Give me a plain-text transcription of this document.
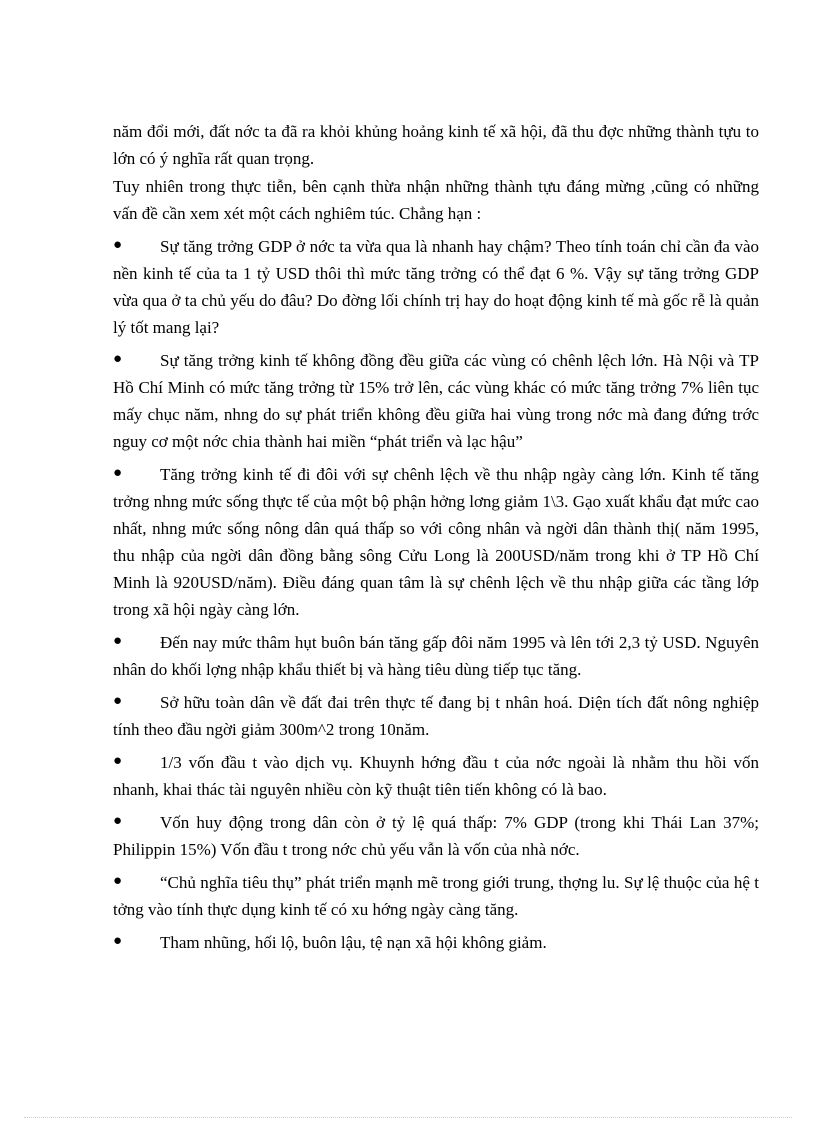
năm đổi mới, đất nớc ta đã ra khỏi khủng hoảng kinh tế xã hội, đã thu đợc những thành tựu to lớn có ý nghĩa rất quan trọng.

Tuy nhiên trong thực tiễn, bên cạnh thừa nhận những thành tựu đáng mừng ,cũng có những vấn đề cần xem xét một cách nghiêm túc. Chẳng hạn :

● Sự tăng trởng GDP ở nớc ta vừa qua là nhanh hay chậm? Theo tính toán chỉ cần đa vào nền kinh tế của ta 1 tỷ USD thôi thì mức tăng trởng có thể đạt 6 %. Vậy sự tăng trởng GDP vừa qua ở ta chủ yếu do đâu? Do đờng lối chính trị hay do hoạt động kinh tế mà gốc rễ là quản lý tốt mang lại?
● Sự tăng trởng kinh tế không đồng đều giữa các vùng có chênh lệch lớn. Hà Nội và TP Hồ Chí Minh có mức tăng trởng từ 15% trở lên, các vùng khác có mức tăng trởng 7% liên tục mấy chục năm, nhng do sự phát triển không đều giữa hai vùng trong nớc mà đang đứng trớc nguy cơ một nớc chia thành hai miền “phát triển và lạc hậu”
● Tăng trởng kinh tế đi đôi với sự chênh lệch về thu nhập ngày càng lớn. Kinh tế tăng trởng nhng mức sống thực tế của một bộ phận hởng lơng giảm 1\3. Gạo xuất khẩu đạt mức cao nhất, nhng mức sống nông dân quá thấp so với công nhân và ngời dân thành thị( năm 1995, thu nhập của ngời dân đồng bằng sông Cửu Long là 200USD/năm trong khi ở TP Hồ Chí Minh là 920USD/năm). Điều đáng quan tâm là sự chênh lệch về thu nhập giữa các tầng lớp trong xã hội ngày càng lớn.
● Đến nay mức thâm hụt buôn bán tăng gấp đôi năm 1995 và lên tới 2,3 tỷ USD. Nguyên nhân do khối lợng nhập khẩu thiết bị và hàng tiêu dùng tiếp tục tăng.
● Sở hữu toàn dân về đất đai trên thực tế đang bị t nhân hoá. Diện tích đất nông nghiệp tính theo đầu ngời giảm 300m^2 trong 10năm.
● 1/3 vốn đầu t vào dịch vụ. Khuynh hớng đầu t của nớc ngoài là nhằm thu hồi vốn nhanh, khai thác tài nguyên nhiều còn kỹ thuật tiên tiến không có là bao.
● Vốn huy động trong dân còn ở tỷ lệ quá thấp: 7% GDP (trong khi Thái Lan 37%; Philippin 15%) Vốn đầu t trong nớc chủ yếu vẫn là vốn của nhà nớc.
● “Chủ nghĩa tiêu thụ” phát triển mạnh mẽ trong giới trung, thợng lu. Sự lệ thuộc của hệ t tởng vào tính thực dụng kinh tế có xu hớng ngày càng tăng.
● Tham nhũng, hối lộ, buôn lậu, tệ nạn xã hội không giảm.
